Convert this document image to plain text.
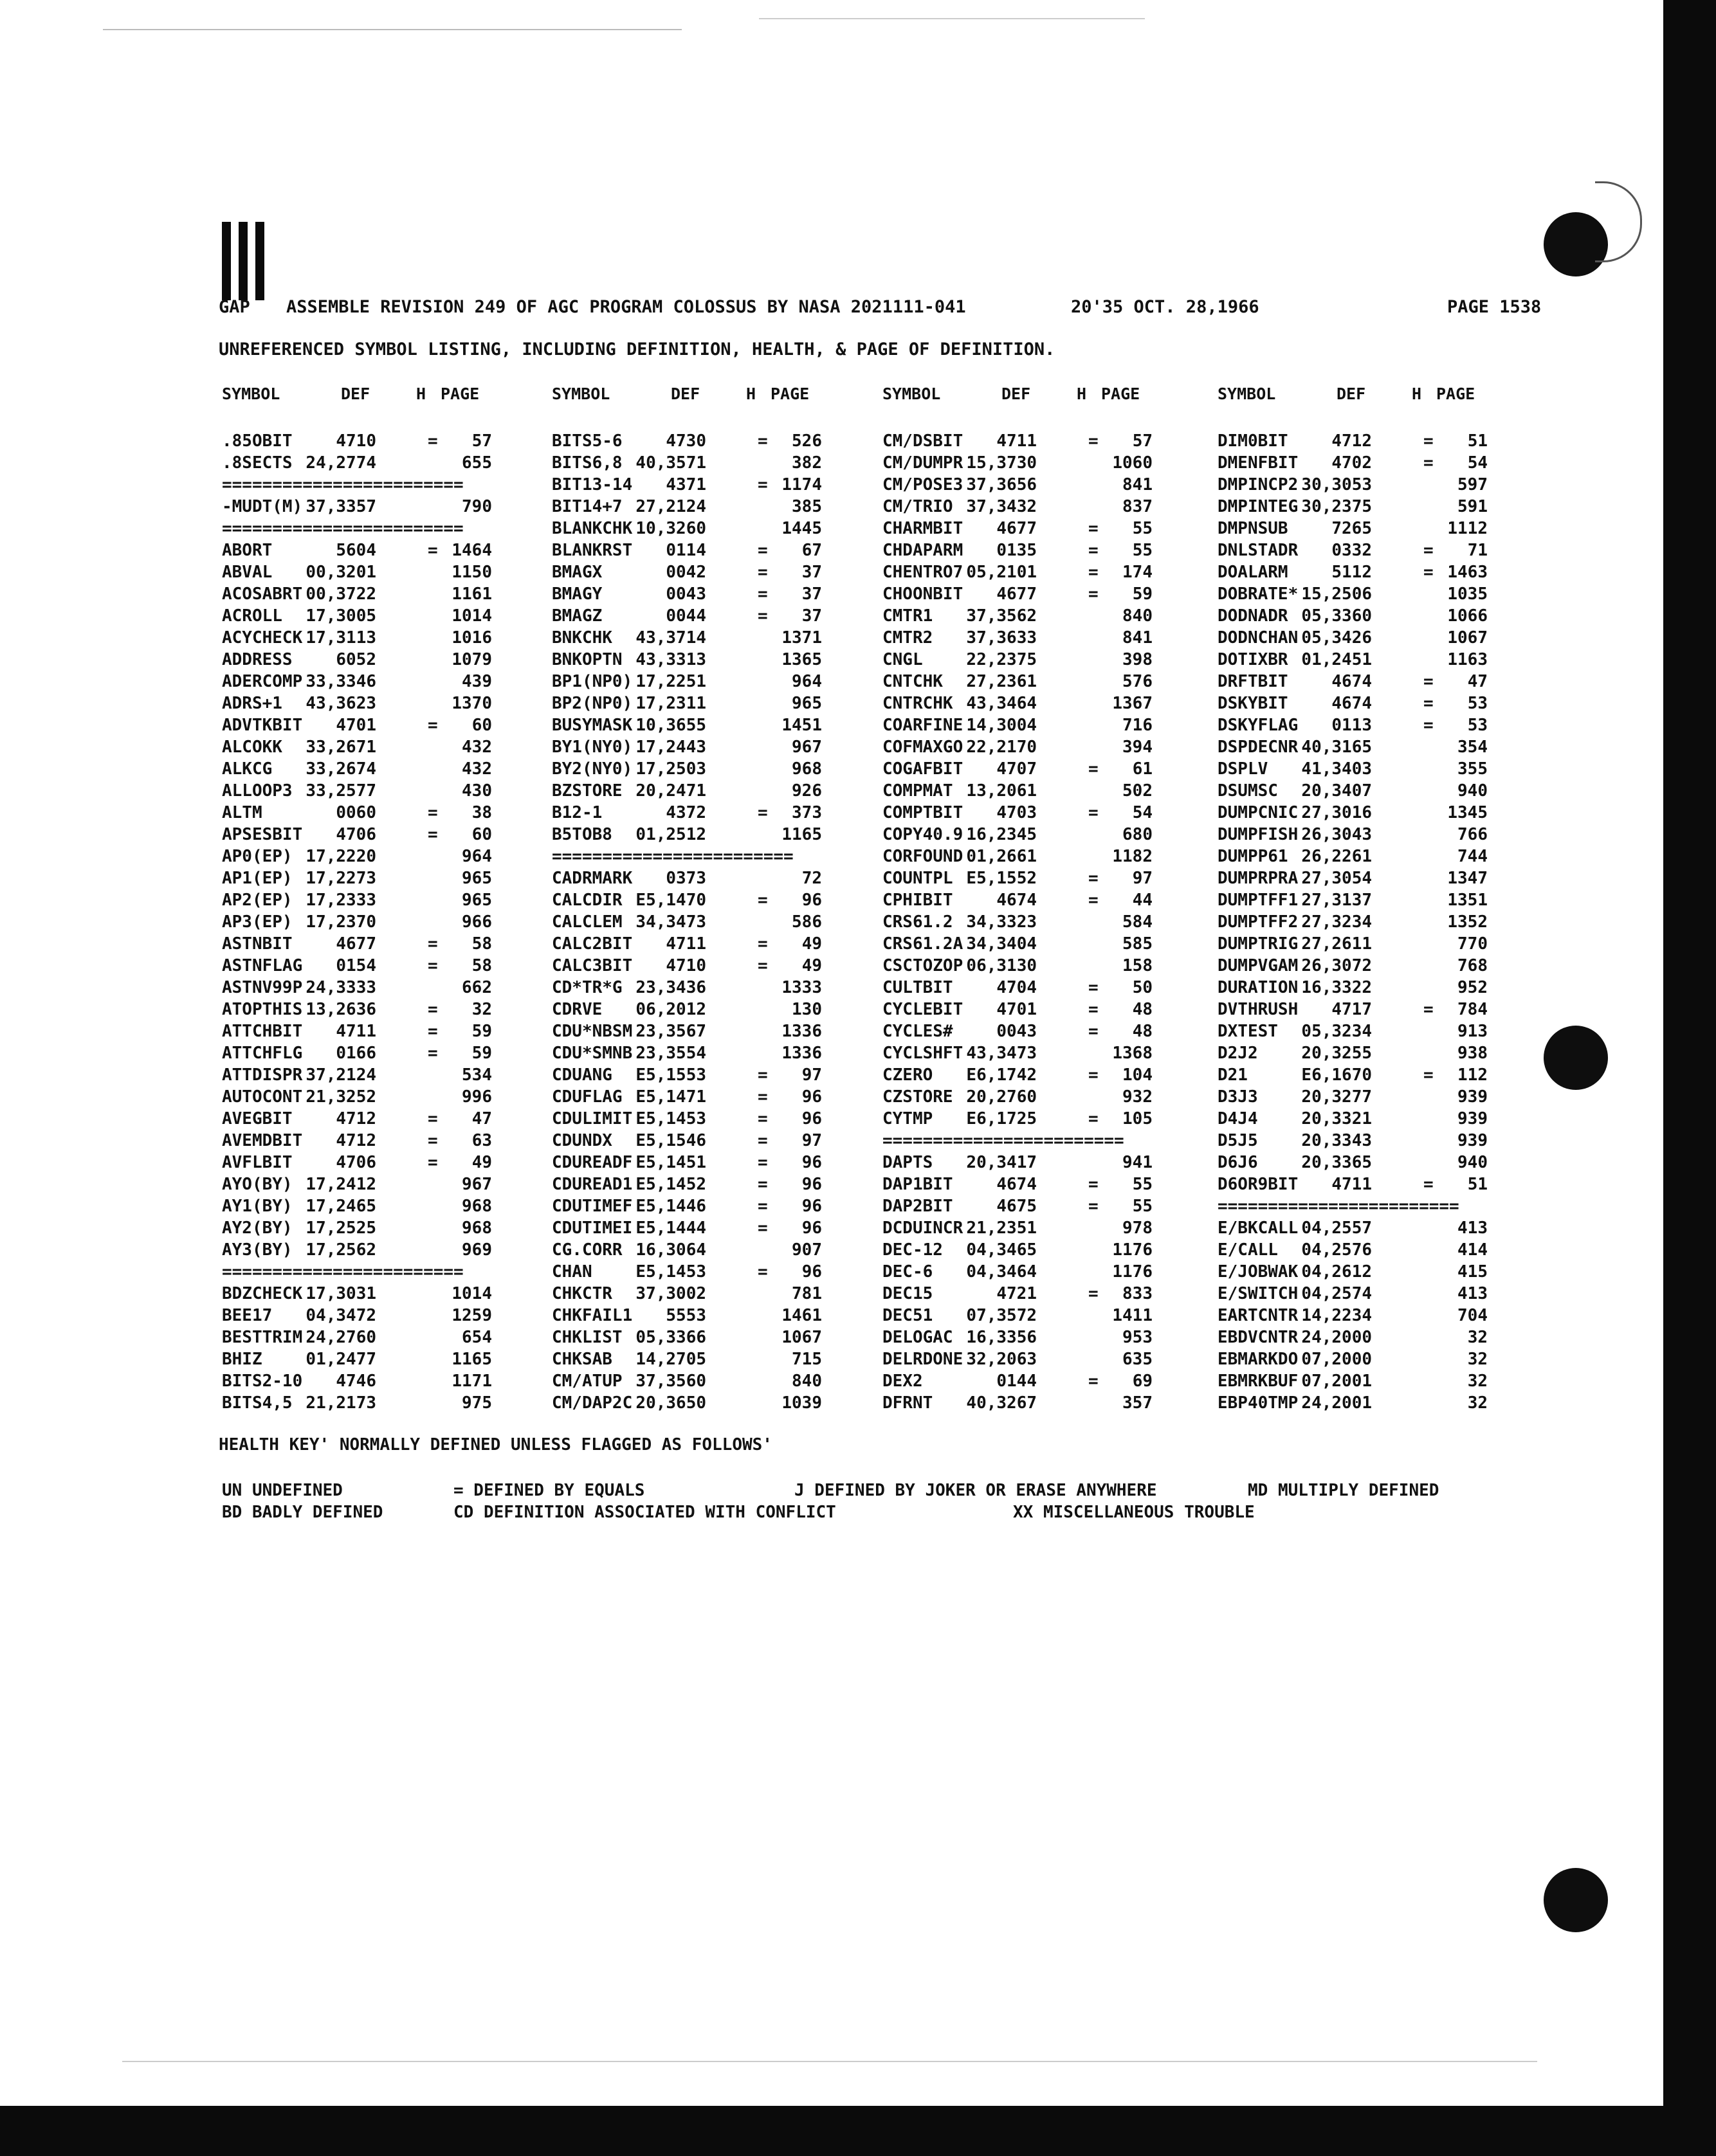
GAP ASSEMBLE REVISION 249 OF AGC PROGRAM COLOSSUS BY NASA 2021111-041	20'35 OCT. 28,1966	PAGE 1538
UNREFERENCED SYMBOL LISTING, INCLUDING DEFINITION, HEALTH, & PAGE OF DEFINITION.
SYMBOL	DEF	H PAGE	SYMBOL	DEF	H PAGE	SYMBOL	DEF	H PAGE	SYMBOL	DEF	H PAGE
.85OBIT	4710	= 57
.8SECTS 24,2774	655
========================
-MUDT(M) 37,3357	790
========================
ABORT	5604	= 1464
ABVAL	00,3201	1150
ACOSABRT 00,3722	1161
ACROLL	17,3005	1014
ACYCHECK 17,3113	1016
ADDRESS	6052	1079
ADERCOMP 33,3346	439
ADRS+1	43,3623	1370
ADVTKBIT	4701	= 60
ALCOKK	33,2671	432
ALKCG	33,2674	432
ALLOOP3 33,2577	430
ALTM	0060	= 38
APSESBIT	4706	= 60
AP0(EP) 17,2220	964
AP1(EP) 17,2273	965
AP2(EP) 17,2333	965
AP3(EP) 17,2370	966
ASTNBIT	4677	= 58
ASTNFLAG	0154	= 58
ASTNV99P 24,3333	662
ATOPTHIS 13,2636	= 32
ATTCHBIT	4711	= 59
ATTCHFLG	0166	= 59
ATTDISPR 37,2124	534
AUTOCONT 21,3252	996
AVEGBIT	4712	= 47
AVEMDBIT	4712	= 63
AVFLBIT	4706	= 49
AYO(BY) 17,2412	967
AY1(BY) 17,2465	968
AY2(BY) 17,2525	968
AY3(BY) 17,2562	969
========================
BDZCHECK 17,3031	1014
BEE17	04,3472	1259
BESTTRIM 24,2760	654
BHIZ	01,2477	1165
BITS2-10	4746	1171
BITS4,5 21,2173	975
BITS5-6	4730	= 526
BITS6,8 40,3571	382
BIT13-14	4371	= 1174
BIT14+7 27,2124	385
BLANKCHK 10,3260	1445
BLANKRST	0114	= 67
BMAGX	0042	= 37
BMAGY	0043	= 37
BMAGZ	0044	= 37
BNKCHK	43,3714	1371
BNKOPTN 43,3313	1365
BP1(NP0) 17,2251	964
BP2(NP0) 17,2311	965
BUSYMASK 10,3655	1451
BY1(NY0) 17,2443	967
BY2(NY0) 17,2503	968
BZSTORE 20,2471	926
B12-1	4372	= 373
B5TOB8	01,2512	1165
========================
CADRMARK	0373	72
CALCDIR E5,1470	= 96
CALCLEM 34,3473	586
CALC2BIT	4711	= 49
CALC3BIT	4710	= 49
CD*TR*G 23,3436	1333
CDRVE	06,2012	130
CDU*NBSM 23,3567	1336
CDU*SMNB 23,3554	1336
CDUANG	E5,1553	= 97
CDUFLAG E5,1471	= 96
CDULIMIT E5,1453	= 96
CDUNDX	E5,1546	= 97
CDUREADF E5,1451	= 96
CDUREAD1 E5,1452	= 96
CDUTIMEF E5,1446	= 96
CDUTIMEI E5,1444	= 96
CG.CORR 16,3064	907
CHAN	E5,1453	= 96
CHKCTR	37,3002	781
CHKFAIL1	5553	1461
CHKLIST 05,3366	1067
CHKSAB	14,2705	715
CM/ATUP 37,3560	840
CM/DAP2C 20,3650	1039
CM/DSBIT	4711	= 57
CM/DUMPR 15,3730	1060
CM/POSE3 37,3656	841
CM/TRIO 37,3432	837
CHARMBIT	4677	= 55
CHDAPARM	0135	= 55
CHENTRO7 05,2101	= 174
CHOONBIT	4677	= 59
CMTR1	37,3562	840
CMTR2	37,3633	841
CNGL	22,2375	398
CNTCHK	27,2361	576
CNTRCHK 43,3464	1367
COARFINE 14,3004	716
COFMAXGO 22,2170	394
COGAFBIT	4707	= 61
COMPMAT 13,2061	502
COMPTBIT	4703	= 54
COPY40.9 16,2345	680
CORFOUND 01,2661	1182
COUNTPL E5,1552	= 97
CPHIBIT	4674	= 44
CRS61.2 34,3323	584
CRS61.2A 34,3404	585
CSCTOZOP 06,3130	158
CULTBIT	4704	= 50
CYCLEBIT	4701	= 48
CYCLES#	0043	= 48
CYCLSHFT 43,3473	1368
CZERO	E6,1742	= 104
CZSTORE 20,2760	932
CYTMP	E6,1725	= 105
========================
DAPTS	20,3417	941
DAP1BIT	4674	= 55
DAP2BIT	4675	= 55
DCDUINCR 21,2351	978
DEC-12	04,3465	1176
DEC-6	04,3464	1176
DEC15	4721	= 833
DEC51	07,3572	1411
DELOGAC 16,3356	953
DELRDONE 32,2063	635
DEX2	0144	= 69
DFRNT	40,3267	357
DIM0BIT	4712	= 51
DMENFBIT	4702	= 54
DMPINCP2 30,3053	597
DMPINTEG 30,2375	591
DMPNSUB	7265	1112
DNLSTADR	0332	= 71
DOALARM	5112	= 1463
DOBRATE* 15,2506	1035
DODNADR 05,3360	1066
DODNCHAN 05,3426	1067
DOTIXBR 01,2451	1163
DRFTBIT	4674	= 47
DSKYBIT	4674	= 53
DSKYFLAG	0113	= 53
DSPDECNR 40,3165	354
DSPLV	41,3403	355
DSUMSC	20,3407	940
DUMPCNIC 27,3016	1345
DUMPFISH 26,3043	766
DUMPP61 26,2261	744
DUMPRPRA 27,3054	1347
DUMPTFF1 27,3137	1351
DUMPTFF2 27,3234	1352
DUMPTRIG 27,2611	770
DUMPVGAM 26,3072	768
DURATION 16,3322	952
DVTHRUSH	4717	= 784
DXTEST	05,3234	913
D2J2	20,3255	938
D21	E6,1670	= 112
D3J3	20,3277	939
D4J4	20,3321	939
D5J5	20,3343	939
D6J6	20,3365	940
D6OR9BIT	4711	= 51
========================
E/BKCALL 04,2557	413
E/CALL	04,2576	414
E/JOBWAK 04,2612	415
E/SWITCH 04,2574	413
EARTCNTR 14,2234	704
EBDVCNTR 24,2000	32
EBMARKDO 07,2000	32
EBMRKBUF 07,2001	32
EBP40TMP 24,2001	32
HEALTH KEY' NORMALLY DEFINED UNLESS FLAGGED AS FOLLOWS'
UN UNDEFINED	= DEFINED BY EQUALS	J DEFINED BY JOKER OR ERASE ANYWHERE	MD MULTIPLY DEFINED
BD BADLY DEFINED	CD DEFINITION ASSOCIATED WITH CONFLICT	XX MISCELLANEOUS TROUBLE
